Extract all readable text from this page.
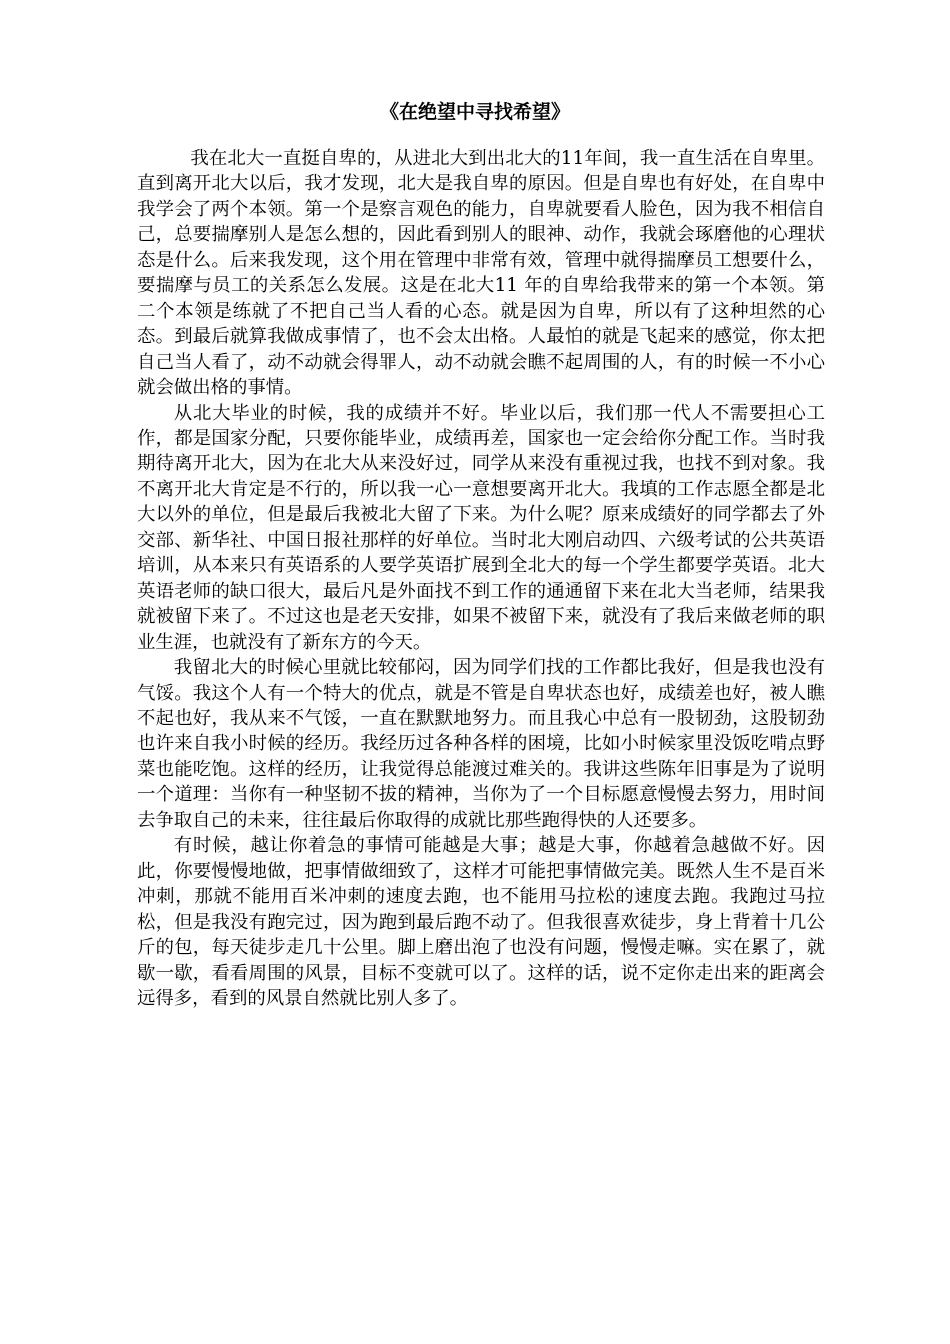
《在绝望中寻找希望》

我在北大一直挺自卑的，从进北大到出北大的11年间，我一直生活在自卑里。直到离开北大以后，我才发现，北大是我自卑的原因。但是自卑也有好处，在自卑中我学会了两个本领。第一个是察言观色的能力，自卑就要看人脸色，因为我不相信自己，总要揣摩别人是怎么想的，因此看到别人的眼神、动作，我就会琢磨他的心理状态是什么。后来我发现，这个用在管理中非常有效，管理中就得揣摩员工想要什么，要揣摩与员工的关系怎么发展。这是在北大11 年的自卑给我带来的第一个本领。第二个本领是练就了不把自己当人看的心态。就是因为自卑，所以有了这种坦然的心态。到最后就算我做成事情了，也不会太出格。人最怕的就是飞起来的感觉，你太把自己当人看了，动不动就会得罪人，动不动就会瞧不起周围的人，有的时候一不小心就会做出格的事情。

从北大毕业的时候，我的成绩并不好。毕业以后，我们那一代人不需要担心工作，都是国家分配，只要你能毕业，成绩再差，国家也一定会给你分配工作。当时我期待离开北大，因为在北大从来没好过，同学从来没有重视过我，也找不到对象。我不离开北大肯定是不行的，所以我一心一意想要离开北大。我填的工作志愿全都是北大以外的单位，但是最后我被北大留了下来。为什么呢？原来成绩好的同学都去了外交部、新华社、中国日报社那样的好单位。当时北大刚启动四、六级考试的公共英语培训，从本来只有英语系的人要学英语扩展到全北大的每一个学生都要学英语。北大英语老师的缺口很大，最后凡是外面找不到工作的通通留下来在北大当老师，结果我就被留下来了。不过这也是老天安排，如果不被留下来，就没有了我后来做老师的职业生涯，也就没有了新东方的今天。

我留北大的时候心里就比较郁闷，因为同学们找的工作都比我好，但是我也没有气馁。我这个人有一个特大的优点，就是不管是自卑状态也好，成绩差也好，被人瞧不起也好，我从来不气馁，一直在默默地努力。而且我心中总有一股韧劲，这股韧劲也许来自我小时候的经历。我经历过各种各样的困境，比如小时候家里没饭吃啃点野菜也能吃饱。这样的经历，让我觉得总能渡过难关的。我讲这些陈年旧事是为了说明一个道理：当你有一种坚韧不拔的精神，当你为了一个目标愿意慢慢去努力，用时间去争取自己的未来，往往最后你取得的成就比那些跑得快的人还要多。

有时候，越让你着急的事情可能越是大事；越是大事，你越着急越做不好。因此，你要慢慢地做，把事情做细致了，这样才可能把事情做完美。既然人生不是百米冲刺，那就不能用百米冲刺的速度去跑，也不能用马拉松的速度去跑。我跑过马拉松，但是我没有跑完过，因为跑到最后跑不动了。但我很喜欢徒步，身上背着十几公斤的包，每天徒步走几十公里。脚上磨出泡了也没有问题，慢慢走嘛。实在累了，就歇一歇，看看周围的风景，目标不变就可以了。这样的话，说不定你走出来的距离会远得多，看到的风景自然就比别人多了。
